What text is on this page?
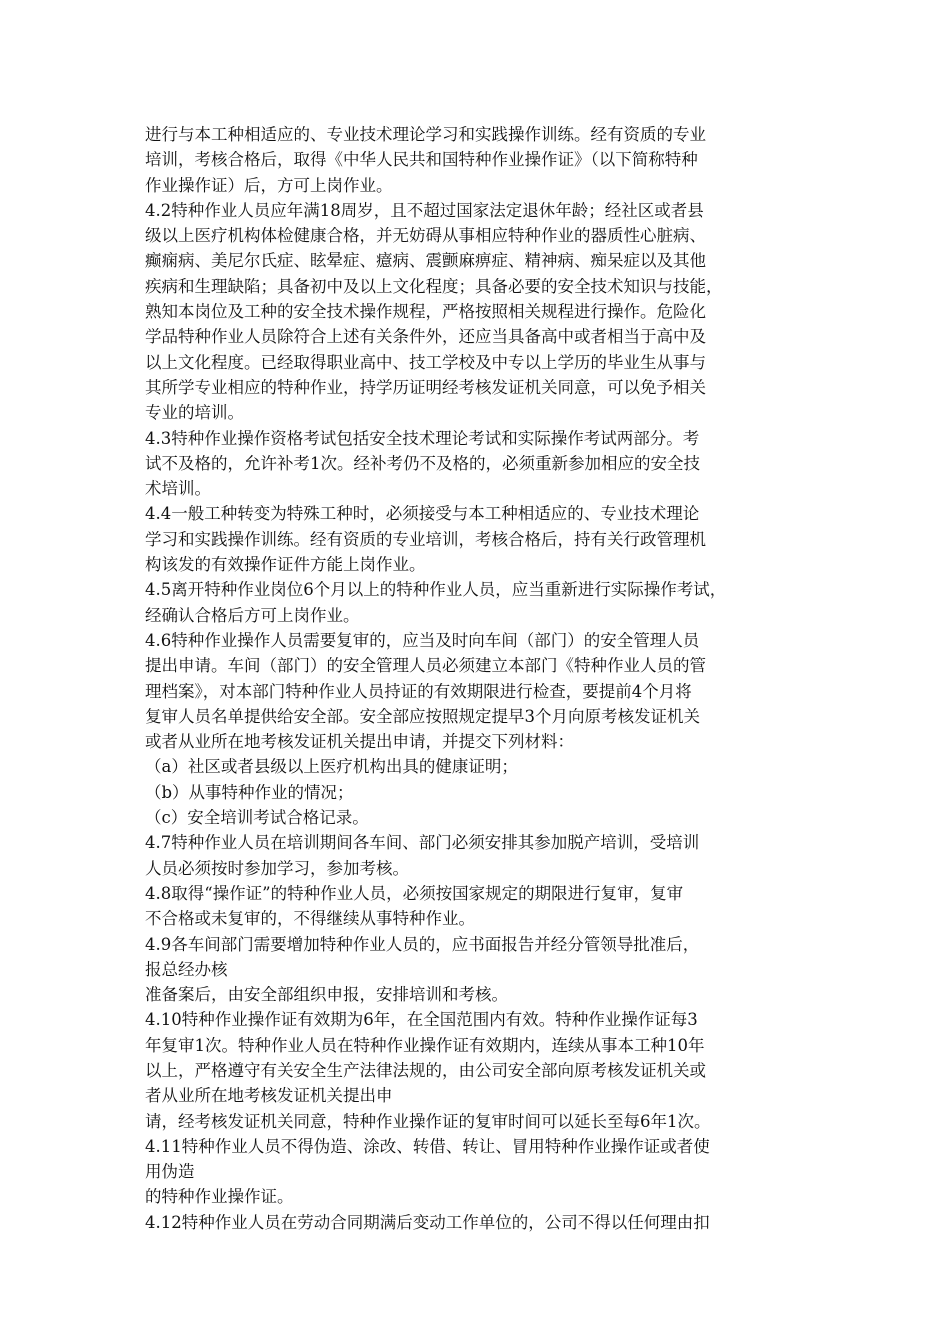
进行与本工种相适应的、专业技术理论学习和实践操作训练。经有资质的专业
培训，考核合格后，取得《中华人民共和国特种作业操作证》（以下简称特种
作业操作证）后，方可上岗作业。
4.2特种作业人员应年满18周岁，且不超过国家法定退休年龄；经社区或者县
级以上医疗机构体检健康合格，并无妨碍从事相应特种作业的器质性心脏病、
癫痫病、美尼尔氏症、眩晕症、癔病、震颤麻痹症、精神病、痴呆症以及其他
疾病和生理缺陷；具备初中及以上文化程度；具备必要的安全技术知识与技能，
熟知本岗位及工种的安全技术操作规程，严格按照相关规程进行操作。危险化
学品特种作业人员除符合上述有关条件外，还应当具备高中或者相当于高中及
以上文化程度。已经取得职业高中、技工学校及中专以上学历的毕业生从事与
其所学专业相应的特种作业，持学历证明经考核发证机关同意，可以免予相关
专业的培训。
4.3特种作业操作资格考试包括安全技术理论考试和实际操作考试两部分。考
试不及格的，允许补考1次。经补考仍不及格的，必须重新参加相应的安全技
术培训。
4.4一般工种转变为特殊工种时，必须接受与本工种相适应的、专业技术理论
学习和实践操作训练。经有资质的专业培训，考核合格后，持有关行政管理机
构该发的有效操作证件方能上岗作业。
4.5离开特种作业岗位6个月以上的特种作业人员，应当重新进行实际操作考试，
经确认合格后方可上岗作业。
4.6特种作业操作人员需要复审的，应当及时向车间（部门）的安全管理人员
提出申请。车间（部门）的安全管理人员必须建立本部门《特种作业人员的管
理档案》，对本部门特种作业人员持证的有效期限进行检查，要提前4个月将
复审人员名单提供给安全部。安全部应按照规定提早3个月向原考核发证机关
或者从业所在地考核发证机关提出申请，并提交下列材料：
（a）社区或者县级以上医疗机构出具的健康证明；
（b）从事特种作业的情况；
（c）安全培训考试合格记录。
4.7特种作业人员在培训期间各车间、部门必须安排其参加脱产培训，受培训
人员必须按时参加学习，参加考核。
4.8取得“操作证”的特种作业人员，必须按国家规定的期限进行复审，复审
不合格或未复审的，不得继续从事特种作业。
4.9各车间部门需要增加特种作业人员的，应书面报告并经分管领导批准后，
报总经办核
准备案后，由安全部组织申报，安排培训和考核。
4.10特种作业操作证有效期为6年，在全国范围内有效。特种作业操作证每3
年复审1次。特种作业人员在特种作业操作证有效期内，连续从事本工种10年
以上，严格遵守有关安全生产法律法规的，由公司安全部向原考核发证机关或
者从业所在地考核发证机关提出申
请，经考核发证机关同意，特种作业操作证的复审时间可以延长至每6年1次。
4.11特种作业人员不得伪造、涂改、转借、转让、冒用特种作业操作证或者使
用伪造
的特种作业操作证。
4.12特种作业人员在劳动合同期满后变动工作单位的，公司不得以任何理由扣
